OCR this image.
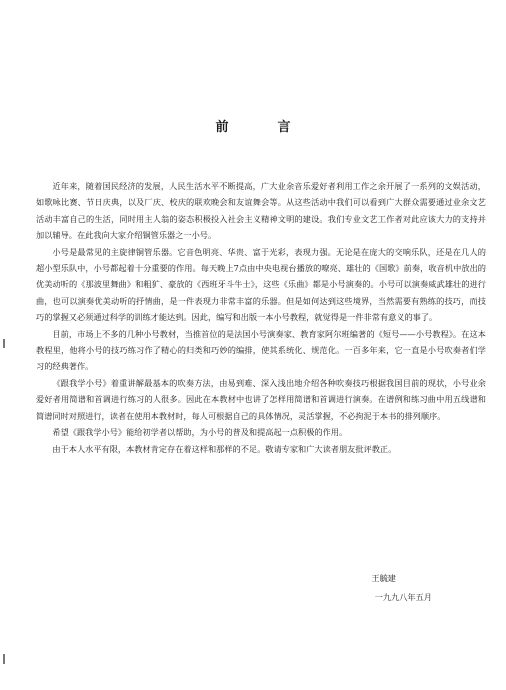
前　言

近年来，随着国民经济的发展，人民生活水平不断提高，广大业余音乐爱好者利用工作之余开展了一系列的文娱活动，如歌咏比赛、节日庆典，以及厂庆、校庆的联欢晚会和友谊舞会等。从这些活动中我们可以看到广大群众需要通过业余文艺活动丰富自己的生活，同时用主人翁的姿态积极投入社会主义精神文明的建设。我们专业文艺工作者对此应该大力的支持并加以辅导。在此我向大家介绍铜管乐器之一小号。

小号是最常见的主旋律铜管乐器。它音色明亮、华贵、富于光彩，表现力强。无论是在庞大的交响乐队，还是在几人的超小型乐队中，小号都起着十分重要的作用。每天晚上7点由中央电视台播放的嘹亮、雄壮的《国歌》前奏，收音机中放出的优美动听的《那波里舞曲》和粗犷、豪放的《西班牙斗牛士》，这些《乐曲》都是小号演奏的。小号可以演奏威武雄壮的进行曲，也可以演奏优美动听的抒情曲，是一件表现力非常丰富的乐器。但是如何达到这些境界，当然需要有熟练的技巧，而技巧的掌握又必须通过科学的训练才能达到。因此，编写和出版一本小号教程，就觉得是一件非常有意义的事了。

目前，市场上不多的几种小号教材，当推首位的是法国小号演奏家、教育家阿尔班编著的《短号——小号教程》。在这本教程里，他将小号的技巧练习作了精心的归类和巧妙的编排，使其系统化、规范化。一百多年来，它一直是小号吹奏者们学习的经典著作。

《跟我学小号》着重讲解最基本的吹奏方法，由易到难、深入浅出地介绍各种吹奏技巧根据我国目前的现状，小号业余爱好者用简谱和首调进行练习的人很多。因此在本教材中也讲了怎样用简谱和首调进行演奏。在谱例和练习曲中用五线谱和简谱同时对照进行，读者在使用本教材时，每人可根据自己的具体情况，灵活掌握，不必拘泥于本书的排列顺序。

希望《跟我学小号》能给初学者以帮助，为小号的普及和提高起一点积极的作用。

由于本人水平有限，本教材肯定存在着这样和那样的不足。敬请专家和广大读者朋友批评教正。

王毓建

一九九八年五月
